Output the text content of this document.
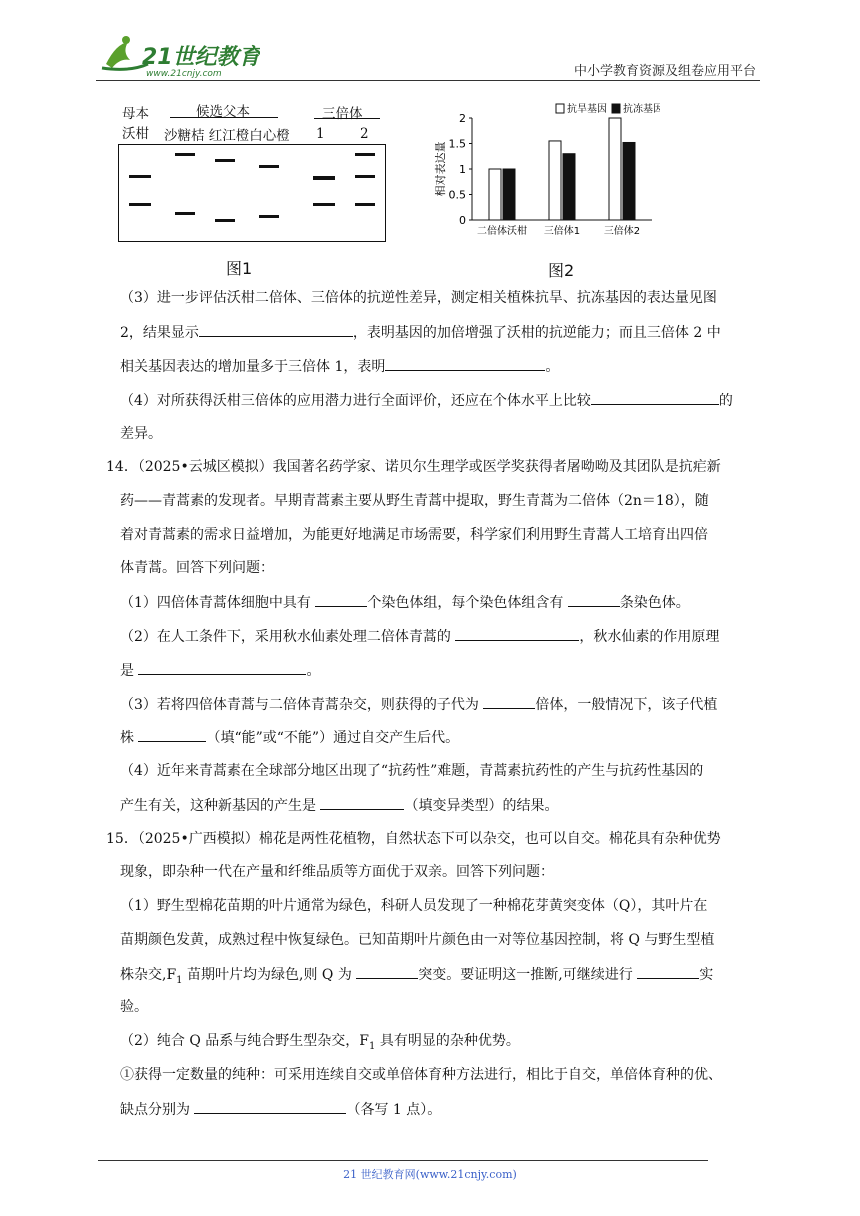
21世纪教育
www.21cnjy.com	中小学教育资源及组卷应用平台
母本
沃柑
候选父本
沙糖桔 红江橙白心橙
三倍体
1	2
图1
0
0.5
1
1.5
2
相对表达量
二倍体沃柑 三倍体1 三倍体2
抗旱基因 抗冻基因
图2
（3）进一步评估沃柑二倍体、三倍体的抗逆性差异，测定相关植株抗旱、抗冻基因的表达量见图
2，结果显示	，表明基因的加倍增强了沃柑的抗逆能力；而且三倍体 2 中
相关基因表达的增加量多于三倍体 1，表明	。
（4）对所获得沃柑三倍体的应用潜力进行全面评价，还应在个体水平上比较	的
差异。
14．（2025•云城区模拟）我国著名药学家、诺贝尔生理学或医学奖获得者屠呦呦及其团队是抗疟新
药——青蒿素的发现者。早期青蒿素主要从野生青蒿中提取，野生青蒿为二倍体（2n＝18），随
着对青蒿素的需求日益增加，为能更好地满足市场需要，科学家们利用野生青蒿人工培育出四倍
体青蒿。回答下列问题：
（1）四倍体青蒿体细胞中具有	个染色体组，每个染色体组含有	条染色体。
（2）在人工条件下，采用秋水仙素处理二倍体青蒿的	，秋水仙素的作用原理
是	。
（3）若将四倍体青蒿与二倍体青蒿杂交，则获得的子代为	倍体，一般情况下，该子代植
株	（填“能”或“不能”）通过自交产生后代。
（4）近年来青蒿素在全球部分地区出现了“抗药性”难题，青蒿素抗药性的产生与抗药性基因的
产生有关，这种新基因的产生是	（填变异类型）的结果。
15．（2025•广西模拟）棉花是两性花植物，自然状态下可以杂交，也可以自交。棉花具有杂种优势
现象，即杂种一代在产量和纤维品质等方面优于双亲。回答下列问题：
（1）野生型棉花苗期的叶片通常为绿色，科研人员发现了一种棉花芽黄突变体（Q），其叶片在
苗期颜色发黄，成熟过程中恢复绿色。已知苗期叶片颜色由一对等位基因控制，将 Q 与野生型植
株杂交$,F_1$ 苗期叶片均为绿色,则 Q 为	突变。要证明这一推断,可继续进行	实
验。
（2）纯合 Q 品系与纯合野生型杂交，$F_1$ 具有明显的杂种优势。
①获得一定数量的纯种：可采用连续自交或单倍体育种方法进行，相比于自交，单倍体育种的优、
缺点分别为	（各写 1 点）。
21 世纪教育网(www.21cnjy.com)
